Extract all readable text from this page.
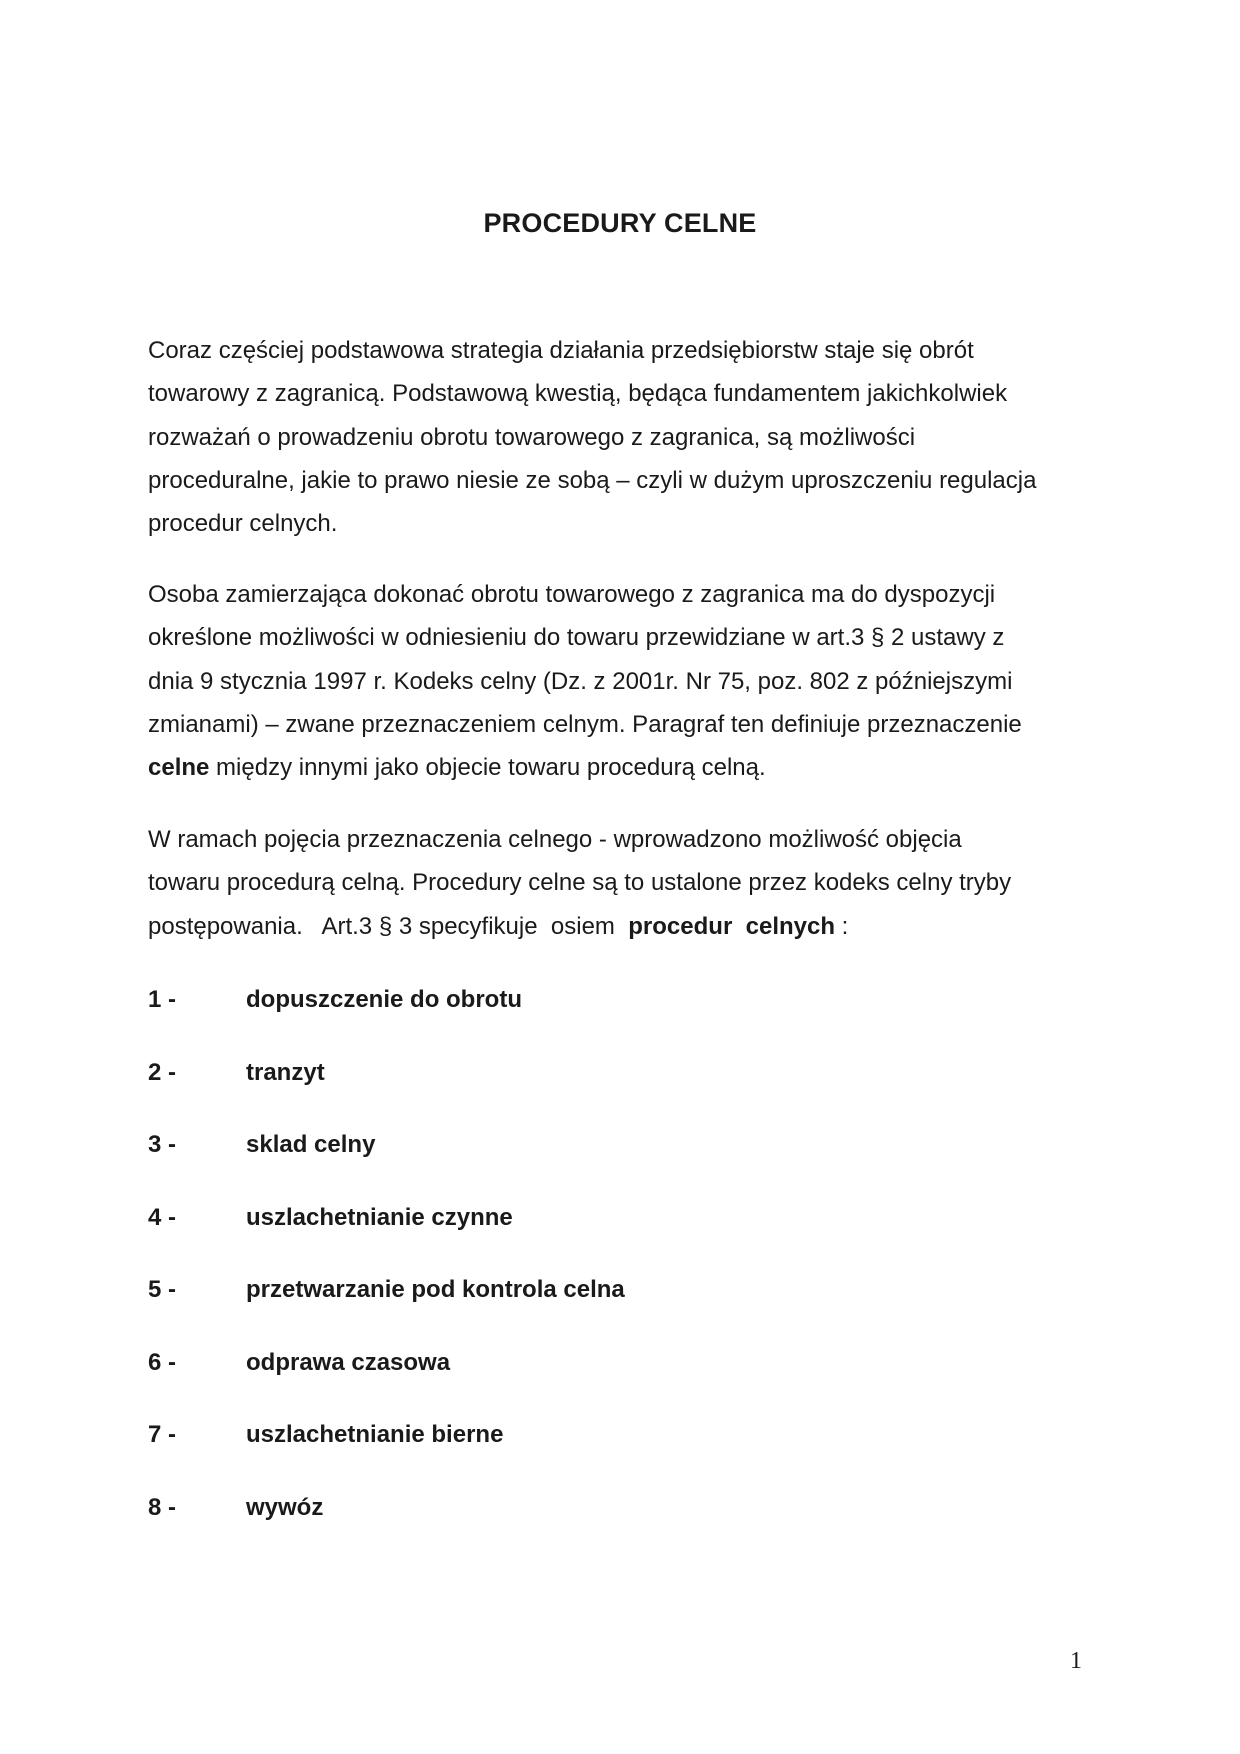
PROCEDURY CELNE

Coraz częściej podstawowa strategia działania przedsiębiorstw staje się obrót
towarowy z zagranicą. Podstawową kwestią, będąca fundamentem jakichkolwiek
rozważań o prowadzeniu obrotu towarowego z zagranica, są możliwości
proceduralne, jakie to prawo niesie ze sobą – czyli w dużym uproszczeniu regulacja
procedur celnych.

Osoba zamierzająca dokonać obrotu towarowego z zagranica ma do dyspozycji
określone możliwości w odniesieniu do towaru przewidziane w art.3 § 2 ustawy z
dnia 9 stycznia 1997 r. Kodeks celny (Dz. z 2001r. Nr 75, poz. 802 z późniejszymi
zmianami) – zwane przeznaczeniem celnym. Paragraf ten definiuje przeznaczenie
celne między innymi jako objecie towaru procedurą celną.

W ramach pojęcia przeznaczenia celnego - wprowadzono możliwość objęcia
towaru procedurą celną. Procedury celne są to ustalone przez kodeks celny tryby
postępowania.   Art.3 § 3 specyfikuje  osiem  procedur  celnych :

1 -	dopuszczenie do obrotu
2 -	tranzyt
3 -	sklad celny
4 -	uszlachetnianie czynne
5 -	przetwarzanie pod kontrola celna
6 -	odprawa czasowa
7 -	uszlachetnianie bierne
8 -	wywóz
1
